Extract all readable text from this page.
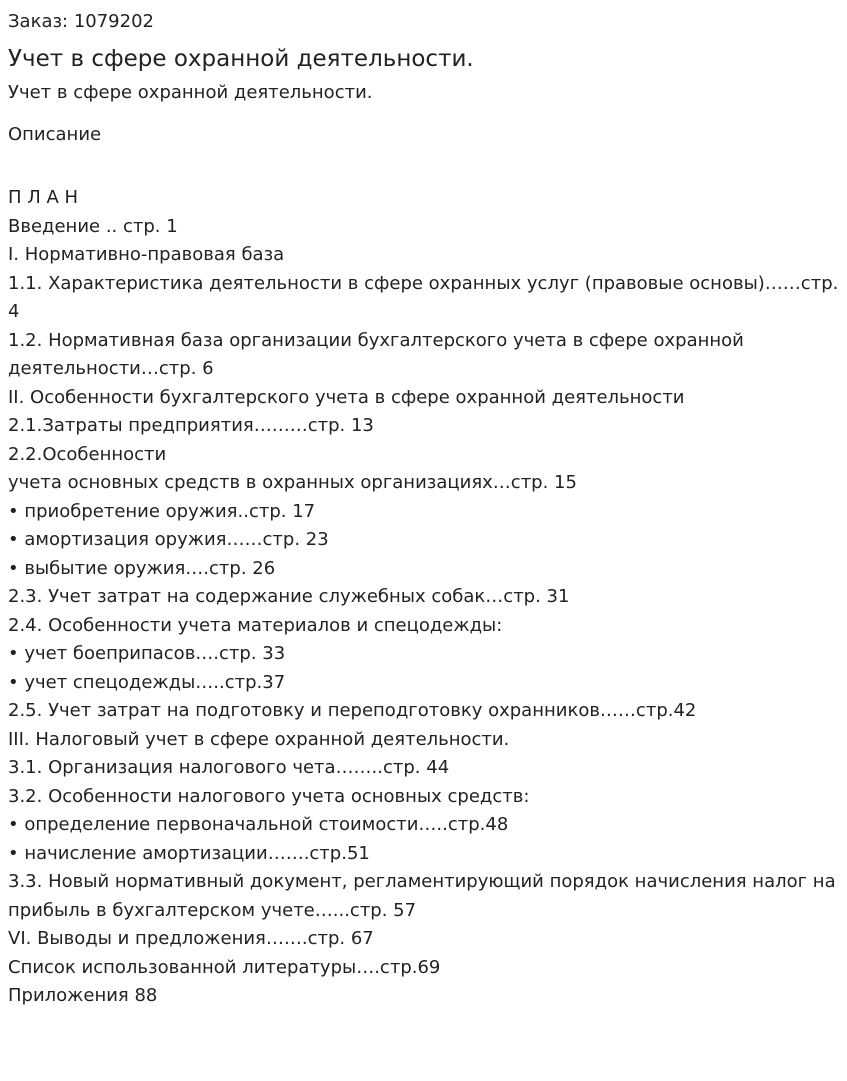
Заказ: 1079202

Учет в сфере охранной деятельности.

Учет в сфере охранной деятельности.

Описание

П Л А Н

Введение .. стр. 1

I. Нормативно-правовая база

1.1. Характеристика деятельности в сфере охранных услуг (правовые основы)……стр. 4

1.2. Нормативная база организации бухгалтерского учета в сфере охранной деятельности…стр. 6

II. Особенности бухгалтерского учета в сфере охранной деятельности

2.1.Затраты предприятия………стр. 13

2.2.Особенности

учета основных средств в охранных организациях…стр. 15

• приобретение оружия..стр. 17

• амортизация оружия……стр. 23

• выбытие оружия….стр. 26

2.3. Учет затрат на содержание служебных собак…стр. 31

2.4. Особенности учета материалов и спецодежды:

• учет боеприпасов….стр. 33

• учет спецодежды…..стр.37

2.5. Учет затрат на подготовку и переподготовку охранников……стр.42

III. Налоговый учет в сфере охранной деятельности.

3.1. Организация налогового чета……..стр. 44

3.2. Особенности налогового учета основных средств:

• определение первоначальной стоимости…..стр.48

• начисление амортизации…….стр.51

3.3. Новый нормативный документ, регламентирующий порядок начисления налог на прибыль в бухгалтерском учете…...стр. 57

VI. Выводы и предложения…….стр. 67

Список использованной литературы….стр.69

Приложения 88
